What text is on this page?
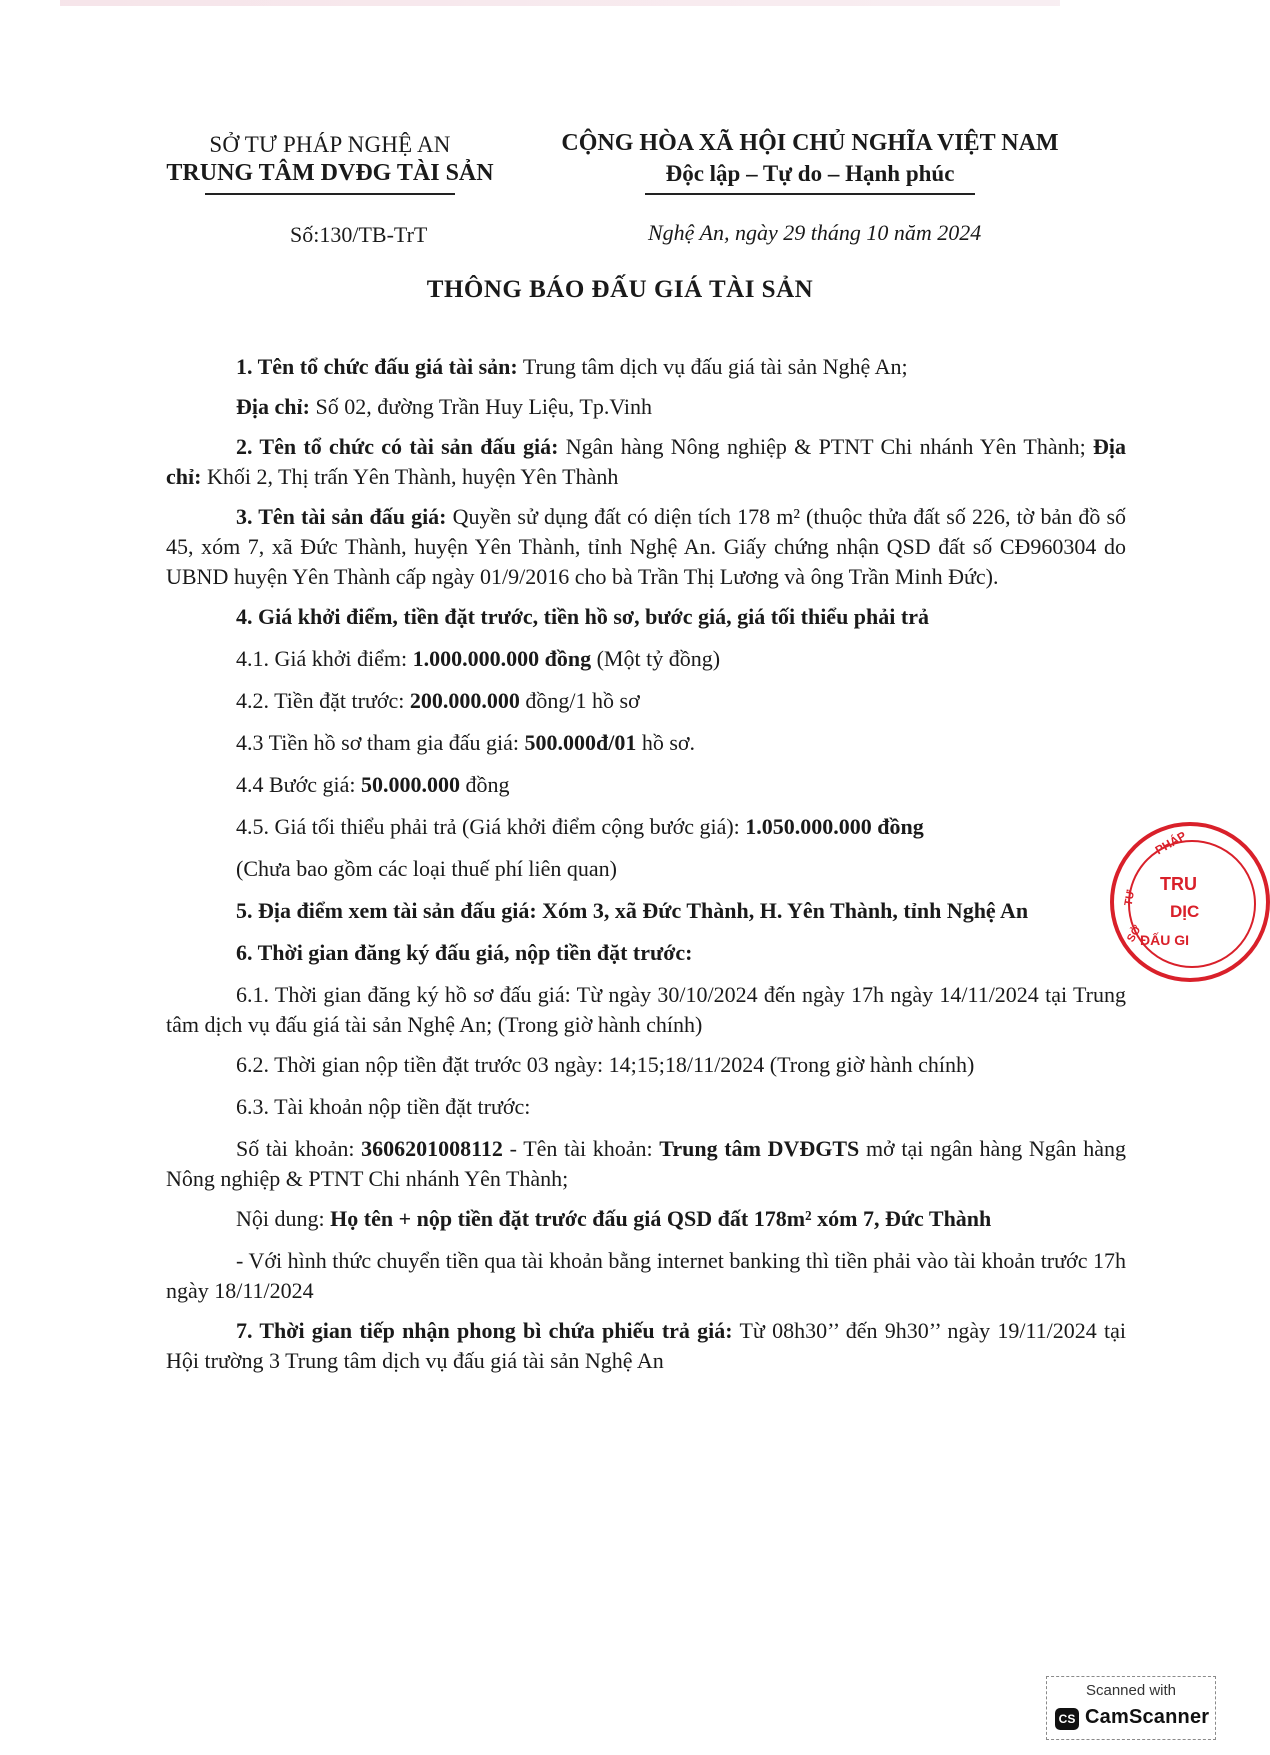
SỞ TƯ PHÁP NGHỆ AN
TRUNG TÂM DVĐG TÀI SẢN
CỘNG HÒA XÃ HỘI CHỦ NGHĨA VIỆT NAM
Độc lập – Tự do – Hạnh phúc
Số:130/TB-TrT	Nghệ An, ngày 29 tháng 10 năm 2024
THÔNG BÁO ĐẤU GIÁ TÀI SẢN

1. Tên tổ chức đấu giá tài sản: Trung tâm dịch vụ đấu giá tài sản Nghệ An;

Địa chỉ: Số 02, đường Trần Huy Liệu, Tp.Vinh

2. Tên tổ chức có tài sản đấu giá: Ngân hàng Nông nghiệp & PTNT Chi nhánh Yên Thành; Địa chỉ: Khối 2, Thị trấn Yên Thành, huyện Yên Thành

3. Tên tài sản đấu giá: Quyền sử dụng đất có diện tích 178 m² (thuộc thửa đất số 226, tờ bản đồ số 45, xóm 7, xã Đức Thành, huyện Yên Thành, tỉnh Nghệ An. Giấy chứng nhận QSD đất số CĐ960304 do UBND huyện Yên Thành cấp ngày 01/9/2016 cho bà Trần Thị Lương và ông Trần Minh Đức).

4. Giá khởi điểm, tiền đặt trước, tiền hồ sơ, bước giá, giá tối thiểu phải trả

4.1. Giá khởi điểm: 1.000.000.000 đồng (Một tỷ đồng)

4.2. Tiền đặt trước: 200.000.000 đồng/1 hồ sơ

4.3 Tiền hồ sơ tham gia đấu giá: 500.000đ/01 hồ sơ.

4.4 Bước giá: 50.000.000 đồng

4.5. Giá tối thiểu phải trả (Giá khởi điểm cộng bước giá): 1.050.000.000 đồng

(Chưa bao gồm các loại thuế phí liên quan)

5. Địa điểm xem tài sản đấu giá: Xóm 3, xã Đức Thành, H. Yên Thành, tỉnh Nghệ An

6. Thời gian đăng ký đấu giá, nộp tiền đặt trước:

6.1. Thời gian đăng ký hồ sơ đấu giá: Từ ngày 30/10/2024 đến ngày 17h ngày 14/11/2024 tại Trung tâm dịch vụ đấu giá tài sản Nghệ An; (Trong giờ hành chính)

6.2. Thời gian nộp tiền đặt trước 03 ngày: 14;15;18/11/2024 (Trong giờ hành chính)

6.3. Tài khoản nộp tiền đặt trước:

Số tài khoản: 3606201008112 - Tên tài khoản: Trung tâm DVĐGTS mở tại ngân hàng Ngân hàng Nông nghiệp & PTNT Chi nhánh Yên Thành;

Nội dung: Họ tên + nộp tiền đặt trước đấu giá QSD đất 178m² xóm 7, Đức Thành

- Với hình thức chuyển tiền qua tài khoản bằng internet banking thì tiền phải vào tài khoản trước 17h ngày 18/11/2024

7. Thời gian tiếp nhận phong bì chứa phiếu trả giá: Từ 08h30’’ đến 9h30’’ ngày 19/11/2024 tại Hội trường 3 Trung tâm dịch vụ đấu giá tài sản Nghệ An

PHÁP
TRU
DỊC
ĐẤU GI
TƯ
SỞ
Scanned with
CS CamScanner
